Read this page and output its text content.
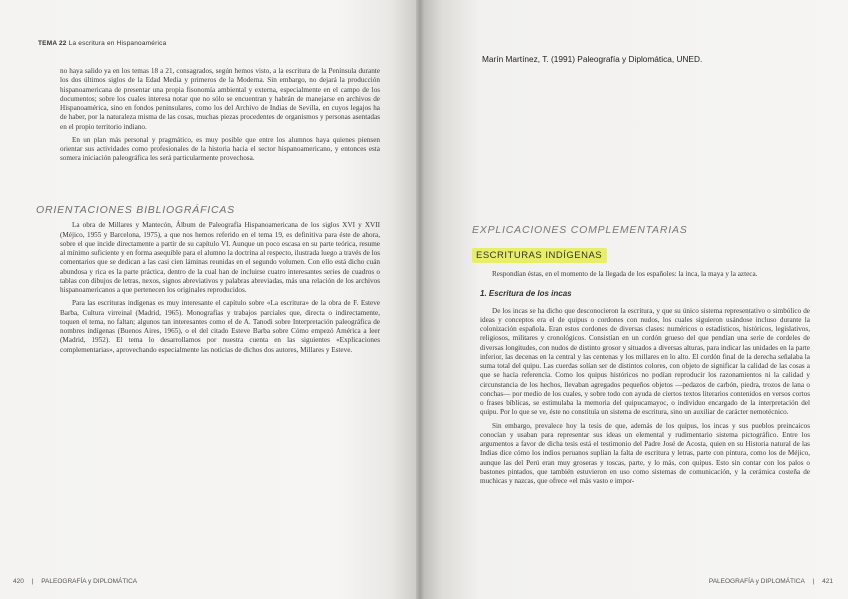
TEMA 22 La escritura en Hispanoamérica

no haya salido ya en los temas 18 a 21, consagrados, según hemos visto, a la escritura de la Península durante los dos últimos siglos de la Edad Media y primeros de la Moderna. Sin embargo, no dejará la producción hispanoamericana de presentar una propia fisonomía ambiental y externa, especialmente en el campo de los documentos; sobre los cuales interesa notar que no sólo se encuentran y habrán de manejarse en archivos de Hispanoamérica, sino en fondos peninsulares, como los del Archivo de Indias de Sevilla, en cuyos legajos ha de haber, por la naturaleza misma de las cosas, muchas piezas procedentes de organismos y personas asentadas en el propio territorio indiano.

En un plan más personal y pragmático, es muy posible que entre los alumnos haya quienes piensen orientar sus actividades como profesionales de la historia hacia el sector hispanoamericano, y entonces esta somera iniciación paleográfica les será particularmente provechosa.

ORIENTACIONES BIBLIOGRÁFICAS

La obra de Millares y Mantecón, Álbum de Paleografía Hispanoamericana de los siglos XVI y XVII (Méjico, 1955 y Barcelona, 1975), a que nos hemos referido en el tema 19, es definitiva para éste de ahora, sobre el que incide directamente a partir de su capítulo VI. Aunque un poco escasa en su parte teórica, resume al mínimo suficiente y en forma asequible para el alumno la doctrina al respecto, ilustrada luego a través de los comentarios que se dedican a las casi cien láminas reunidas en el segundo volumen. Con ello está dicho cuán abundosa y rica es la parte práctica, dentro de la cual han de incluirse cuatro interesantes series de cuadros o tablas con dibujos de letras, nexos, signos abreviativos y palabras abreviadas, más una relación de los archivos hispanoamericanos a que pertenecen los originales reproducidos.

Para las escrituras indígenas es muy interesante el capítulo sobre «La escritura» de la obra de F. Esteve Barba, Cultura virreinal (Madrid, 1965). Monografías y trabajos parciales que, directa o indirectamente, toquen el tema, no faltan; algunos tan interesantes como el de A. Tanodi sobre Interpretación paleográfica de nombres indígenas (Buenos Aires, 1965), o el del citado Esteve Barba sobre Cómo empezó América a leer (Madrid, 1952). El tema lo desarrollamos por nuestra cuenta en las siguientes «Explicaciones complementarias», aprovechando especialmente las noticias de dichos dos autores, Millares y Esteve.

420 | PALEOGRAFÍA y DIPLOMÁTICA
Marín Martínez, T. (1991) Paleografía y Diplomática, UNED.
EXPLICACIONES COMPLEMENTARIAS
ESCRITURAS INDÍGENAS

Respondían éstas, en el momento de la llegada de los españoles: la inca, la maya y la azteca.

1. Escritura de los incas

De los incas se ha dicho que desconocieron la escritura, y que su único sistema representativo o simbólico de ideas y conceptos era el de quipus o cordones con nudos, los cuales siguieron usándose incluso durante la colonización española. Eran estos cordones de diversas clases: numéricos o estadísticos, históricos, legislativos, religiosos, militares y cronológicos. Consistían en un cordón grueso del que pendían una serie de cordeles de diversas longitudes, con nudos de distinto grosor y situados a diversas alturas, para indicar las unidades en la parte inferior, las decenas en la central y las centenas y los millares en lo alto. El cordón final de la derecha señalaba la suma total del quipu. Las cuerdas solían ser de distintos colores, con objeto de significar la calidad de las cosas a que se hacía referencia. Como los quipus históricos no podían reproducir los razonamientos ni la calidad y circunstancia de los hechos, llevaban agregados pequeños objetos —pedazos de carbón, piedra, trozos de lana o conchas— por medio de los cuales, y sobre todo con ayuda de ciertos textos literarios contenidos en versos cortos o frases bíblicas, se estimulaba la memoria del quipucamayoc, o individuo encargado de la interpretación del quipu. Por lo que se ve, éste no constituía un sistema de escritura, sino un auxiliar de carácter nemotécnico.

Sin embargo, prevalece hoy la tesis de que, además de los quipus, los incas y sus pueblos preincaicos conocían y usaban para representar sus ideas un elemental y rudimentario sistema pictográfico. Entre los argumentos a favor de dicha tesis está el testimonio del Padre José de Acosta, quien en su Historia natural de las Indias dice cómo los indios peruanos suplían la falta de escritura y letras, parte con pintura, como los de Méjico, aunque las del Perú eran muy groseras y toscas, parte, y lo más, con quipus. Esto sin contar con los palos o bastones pintados, que también estuvieron en uso como sistemas de comunicación, y la cerámica costeña de muchicas y nazcas, que ofrece «el más vasto e impor-

PALEOGRAFÍA y DIPLOMÁTICA | 421
